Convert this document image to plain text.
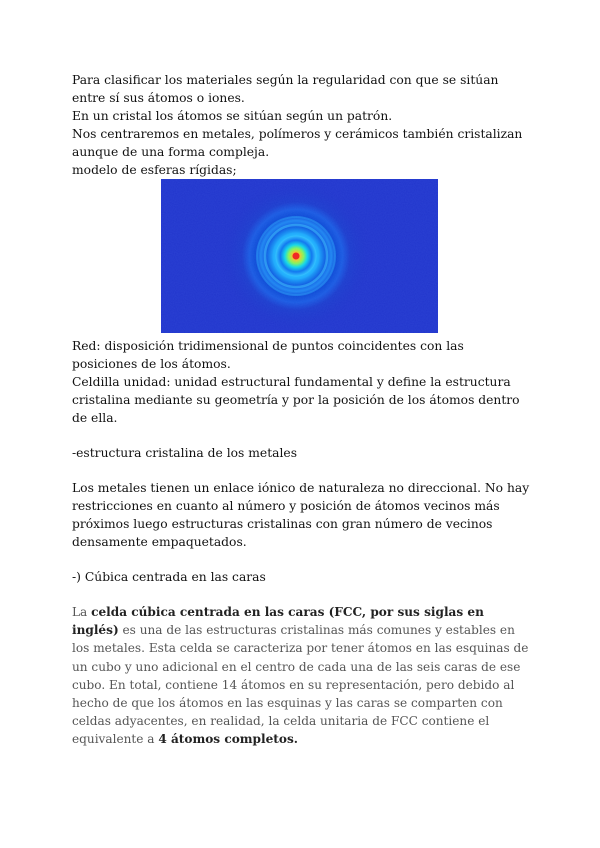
Para clasificar los materiales según la regularidad con que se sitúan entre sí sus átomos o iones.

En un cristal los átomos se sitúan según un patrón.

Nos centraremos en metales, polímeros y cerámicos también cristalizan aunque de una forma compleja.

modelo de esferas rígidas;

Red: disposición tridimensional de puntos coincidentes con las posiciones de los átomos.

Celdilla unidad: unidad estructural fundamental y define la estructura cristalina mediante su geometría y por la posición de los átomos dentro de ella.

-estructura cristalina de los metales

Los metales tienen un enlace iónico de naturaleza no direccional. No hay restricciones en cuanto al número y posición de átomos vecinos más próximos luego estructuras cristalinas con gran número de vecinos densamente empaquetados.

-) Cúbica centrada en las caras

La celda cúbica centrada en las caras (FCC, por sus siglas en inglés) es una de las estructuras cristalinas más comunes y estables en los metales. Esta celda se caracteriza por tener átomos en las esquinas de un cubo y uno adicional en el centro de cada una de las seis caras de ese cubo. En total, contiene 14 átomos en su representación, pero debido al hecho de que los átomos en las esquinas y las caras se comparten con celdas adyacentes, en realidad, la celda unitaria de FCC contiene el equivalente a 4 átomos completos.
